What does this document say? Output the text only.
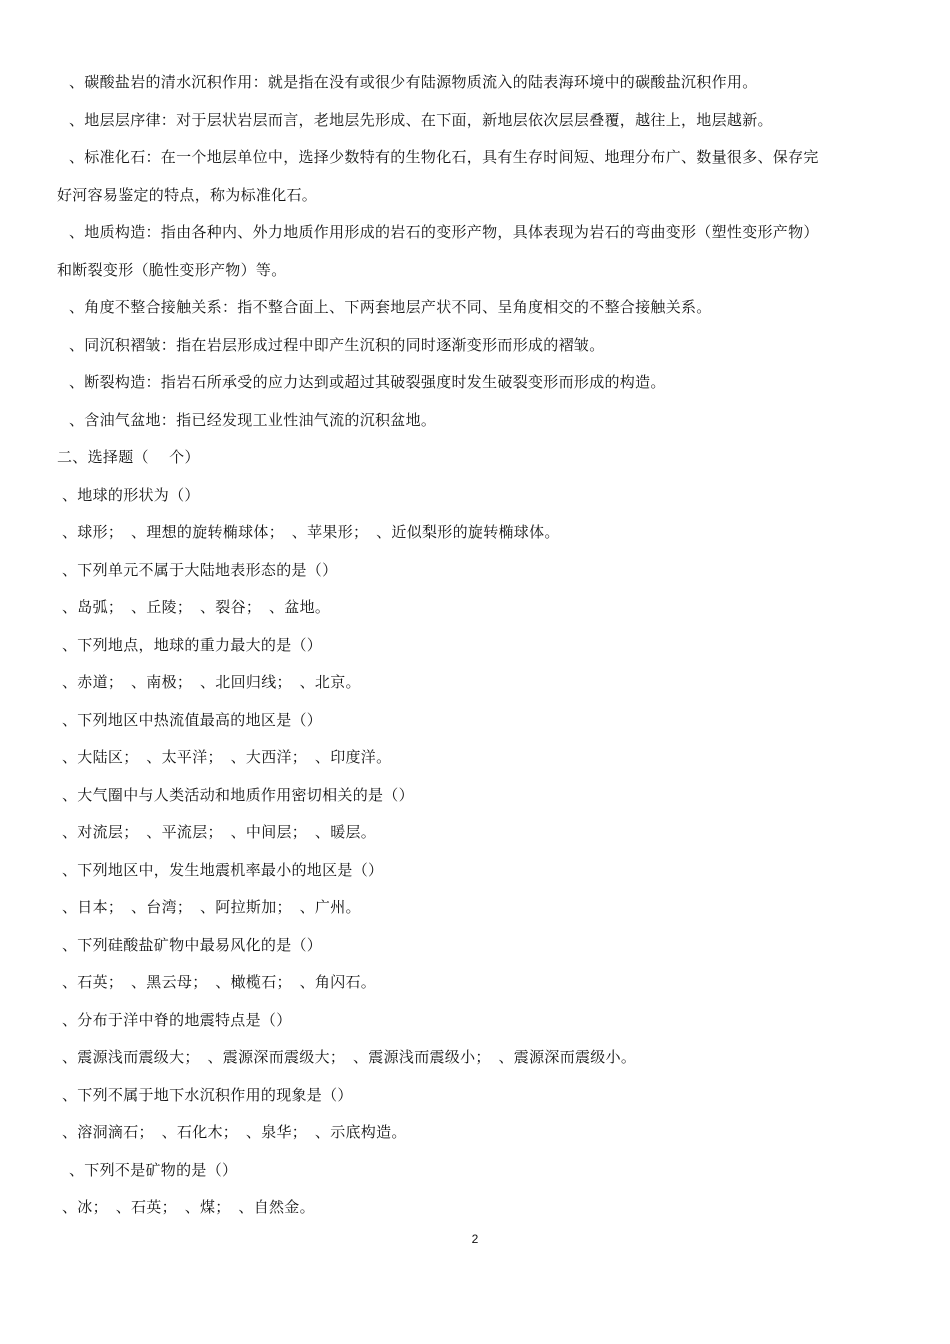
、碳酸盐岩的清水沉积作用：就是指在没有或很少有陆源物质流入的陆表海环境中的碳酸盐沉积作用。
、地层层序律：对于层状岩层而言，老地层先形成、在下面，新地层依次层层叠覆，越往上，地层越新。
、标准化石：在一个地层单位中，选择少数特有的生物化石，具有生存时间短、地理分布广、数量很多、保存完
好河容易鉴定的特点，称为标准化石。
、地质构造：指由各种内、外力地质作用形成的岩石的变形产物，具体表现为岩石的弯曲变形（塑性变形产物）
和断裂变形（脆性变形产物）等。
、角度不整合接触关系：指不整合面上、下两套地层产状不同、呈角度相交的不整合接触关系。
、同沉积褶皱：指在岩层形成过程中即产生沉积的同时逐渐变形而形成的褶皱。
、断裂构造：指岩石所承受的应力达到或超过其破裂强度时发生破裂变形而形成的构造。
、含油气盆地：指已经发现工业性油气流的沉积盆地。
二、选择题（　 个）
、地球的形状为（）
、球形；　、理想的旋转椭球体；　、苹果形；　、近似梨形的旋转椭球体。
、下列单元不属于大陆地表形态的是（）
、岛弧；　、丘陵；　、裂谷；　、盆地。
、下列地点，地球的重力最大的是（）
、赤道；　、南极；　、北回归线；　、北京。
、下列地区中热流值最高的地区是（）
、大陆区；　、太平洋；　、大西洋；　、印度洋。
、大气圈中与人类活动和地质作用密切相关的是（）
、对流层；　、平流层；　、中间层；　、暖层。
、下列地区中，发生地震机率最小的地区是（）
、日本；　、台湾；　、阿拉斯加；　、广州。
、下列硅酸盐矿物中最易风化的是（）
、石英；　、黑云母；　、橄榄石；　、角闪石。
、分布于洋中脊的地震特点是（）
、震源浅而震级大；　、震源深而震级大；　、震源浅而震级小；　、震源深而震级小。
、下列不属于地下水沉积作用的现象是（）
、溶洞滴石；　、石化木；　、泉华；　、示底构造。
、下列不是矿物的是（）
、冰；　、石英；　、煤；　、自然金。
2
